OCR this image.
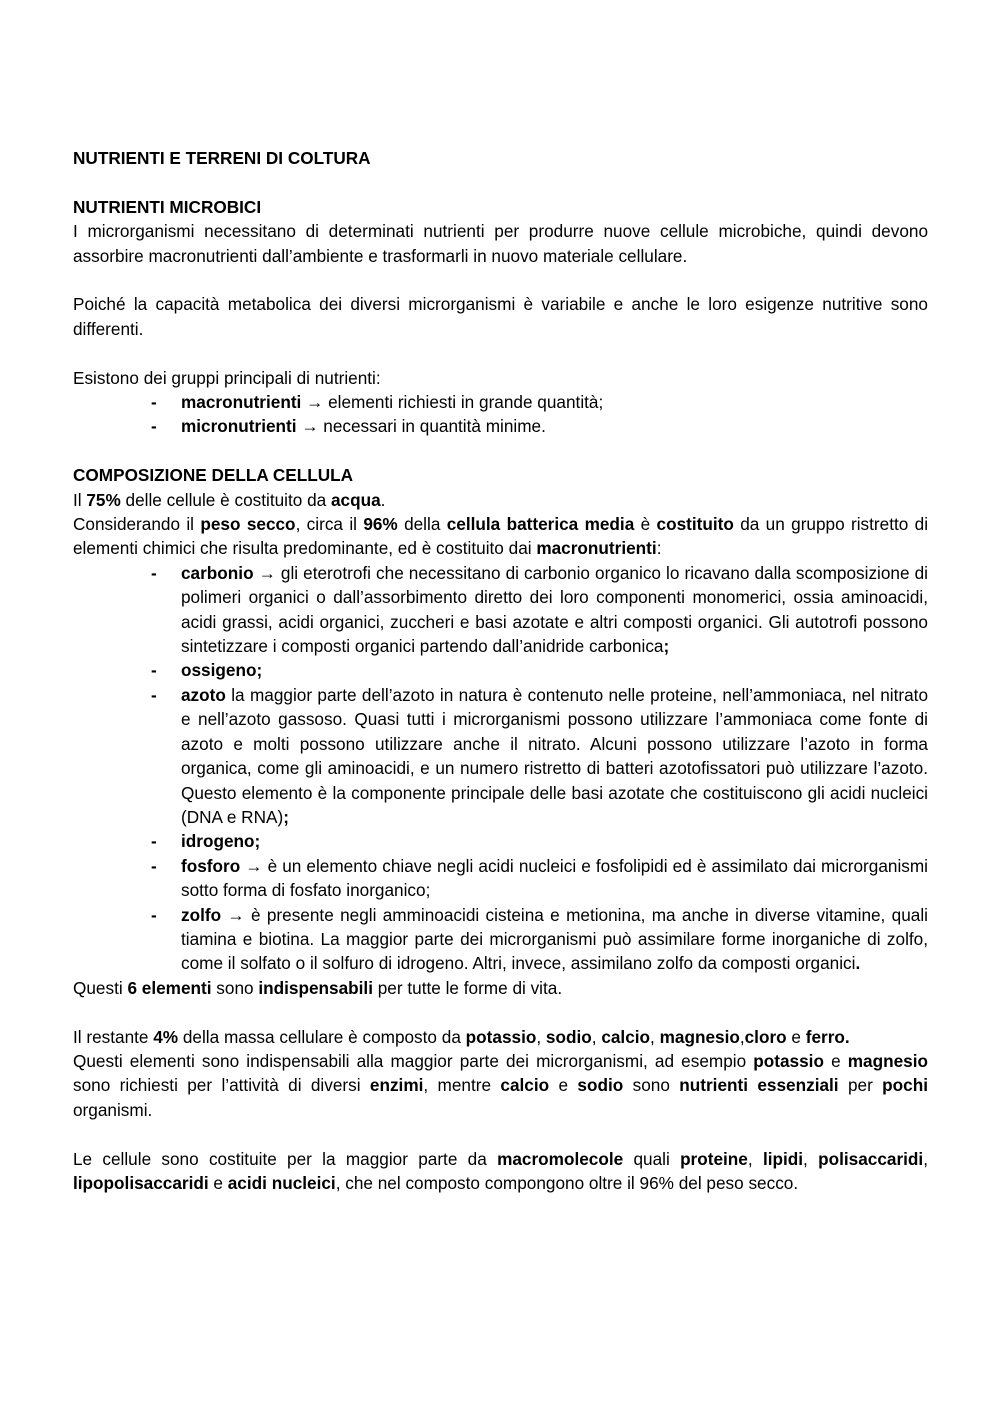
NUTRIENTI E TERRENI DI COLTURA

NUTRIENTI MICROBICI

I microrganismi necessitano di determinati nutrienti per produrre nuove cellule microbiche, quindi devono assorbire macronutrienti dall’ambiente e trasformarli in nuovo materiale cellulare.

Poiché la capacità metabolica dei diversi microrganismi è variabile e anche le loro esigenze nutritive sono differenti.

Esistono dei gruppi principali di nutrienti:

- macronutrienti → elementi richiesti in grande quantità;
- micronutrienti → necessari in quantità minime.

COMPOSIZIONE DELLA CELLULA

Il 75% delle cellule è costituito da acqua.

Considerando il peso secco, circa il 96% della cellula batterica media è costituito da un gruppo ristretto di elementi chimici che risulta predominante, ed è costituito dai macronutrienti:

- carbonio → gli eterotrofi che necessitano di carbonio organico lo ricavano dalla scomposizione di polimeri organici o dall’assorbimento diretto dei loro componenti monomerici, ossia aminoacidi, acidi grassi, acidi organici, zuccheri e basi azotate e altri composti organici. Gli autotrofi possono sintetizzare i composti organici partendo dall’anidride carbonica;
- ossigeno;
- azoto la maggior parte dell’azoto in natura è contenuto nelle proteine, nell’ammoniaca, nel nitrato e nell’azoto gassoso. Quasi tutti i microrganismi possono utilizzare l’ammoniaca come fonte di azoto e molti possono utilizzare anche il nitrato. Alcuni possono utilizzare l’azoto in forma organica, come gli aminoacidi, e un numero ristretto di batteri azotofissatori può utilizzare l’azoto. Questo elemento è la componente principale delle basi azotate che costituiscono gli acidi nucleici (DNA e RNA);
- idrogeno;
- fosforo → è un elemento chiave negli acidi nucleici e fosfolipidi ed è assimilato dai microrganismi sotto forma di fosfato inorganico;
- zolfo → è presente negli amminoacidi cisteina e metionina, ma anche in diverse vitamine, quali tiamina e biotina. La maggior parte dei microrganismi può assimilare forme inorganiche di zolfo, come il solfato o il solfuro di idrogeno. Altri, invece, assimilano zolfo da composti organici.

Questi 6 elementi sono indispensabili per tutte le forme di vita.

Il restante 4% della massa cellulare è composto da potassio, sodio, calcio, magnesio,cloro e ferro.

Questi elementi sono indispensabili alla maggior parte dei microrganismi, ad esempio potassio e magnesio sono richiesti per l’attività di diversi enzimi, mentre calcio e sodio sono nutrienti essenziali per pochi organismi.

Le cellule sono costituite per la maggior parte da macromolecole quali proteine, lipidi, polisaccaridi, lipopolisaccaridi e acidi nucleici, che nel composto compongono oltre il 96% del peso secco.
